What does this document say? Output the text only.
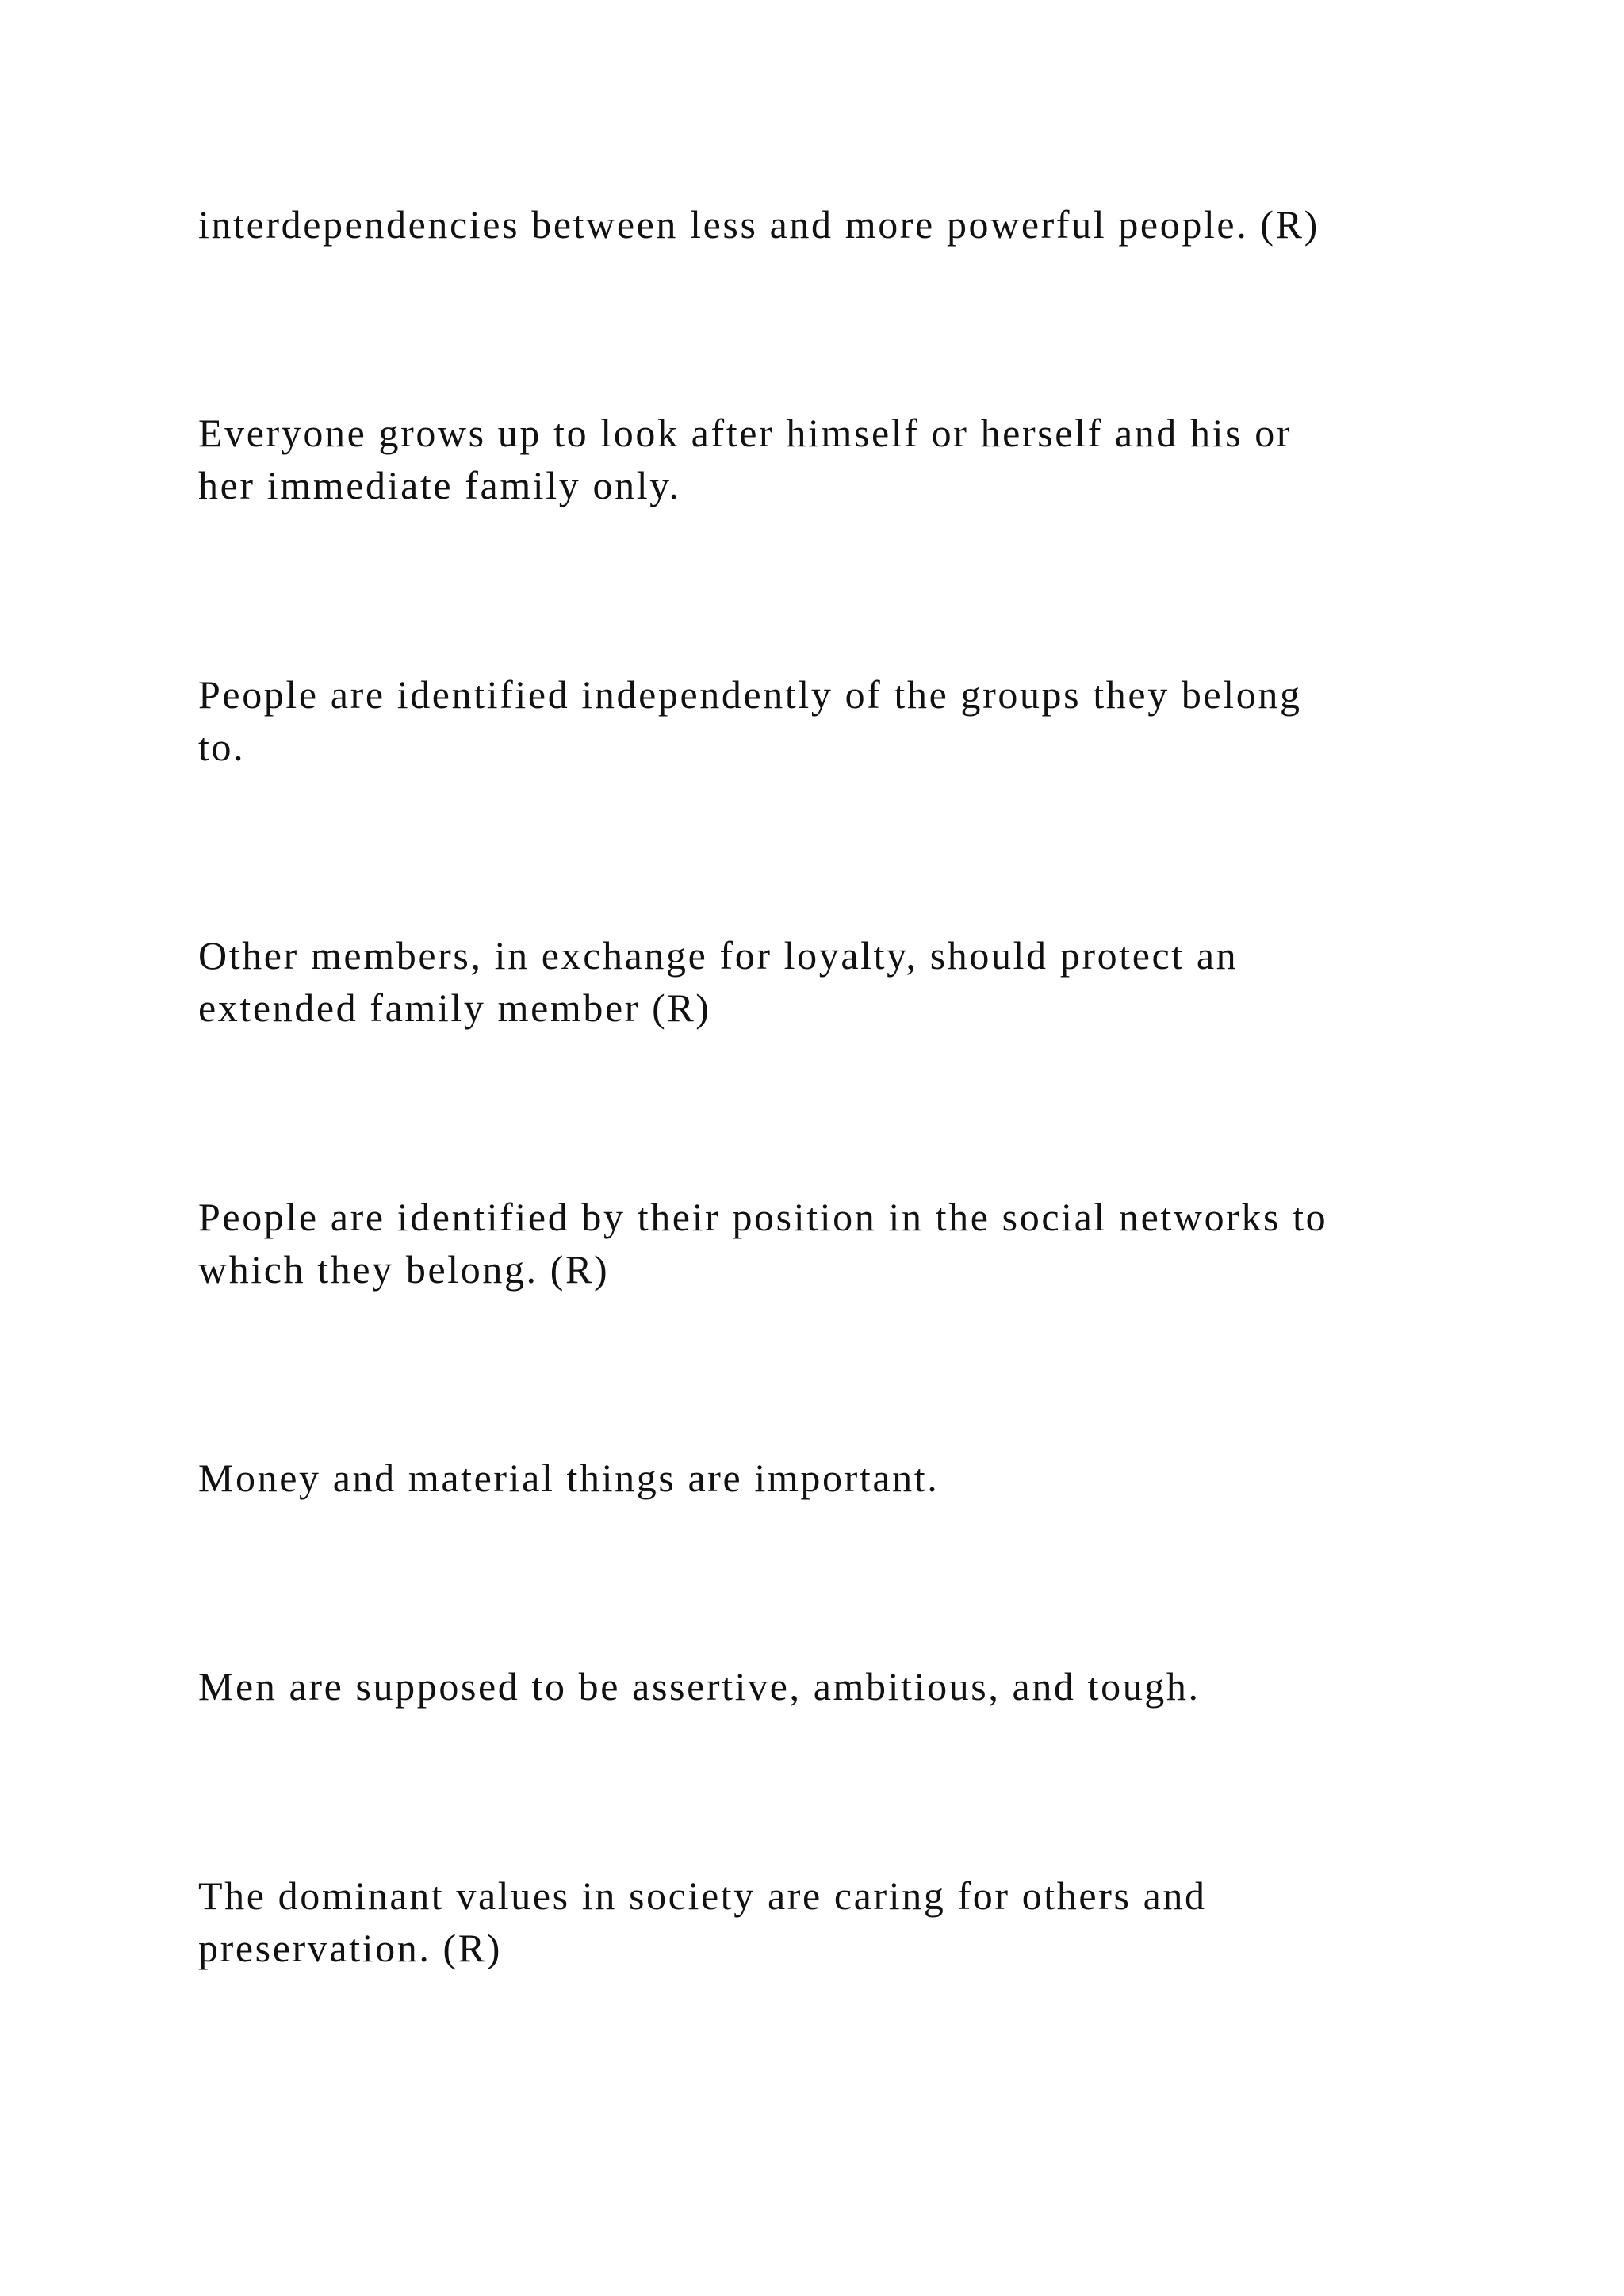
interdependencies between less and more powerful people. (R)

Everyone grows up to look after himself or herself and his or
her immediate family only.

People are identified independently of the groups they belong
to.

Other members, in exchange for loyalty, should protect an
extended family member (R)

People are identified by their position in the social networks to
which they belong. (R)

Money and material things are important.

Men are supposed to be assertive, ambitious, and tough.

The dominant values in society are caring for others and
preservation. (R)
